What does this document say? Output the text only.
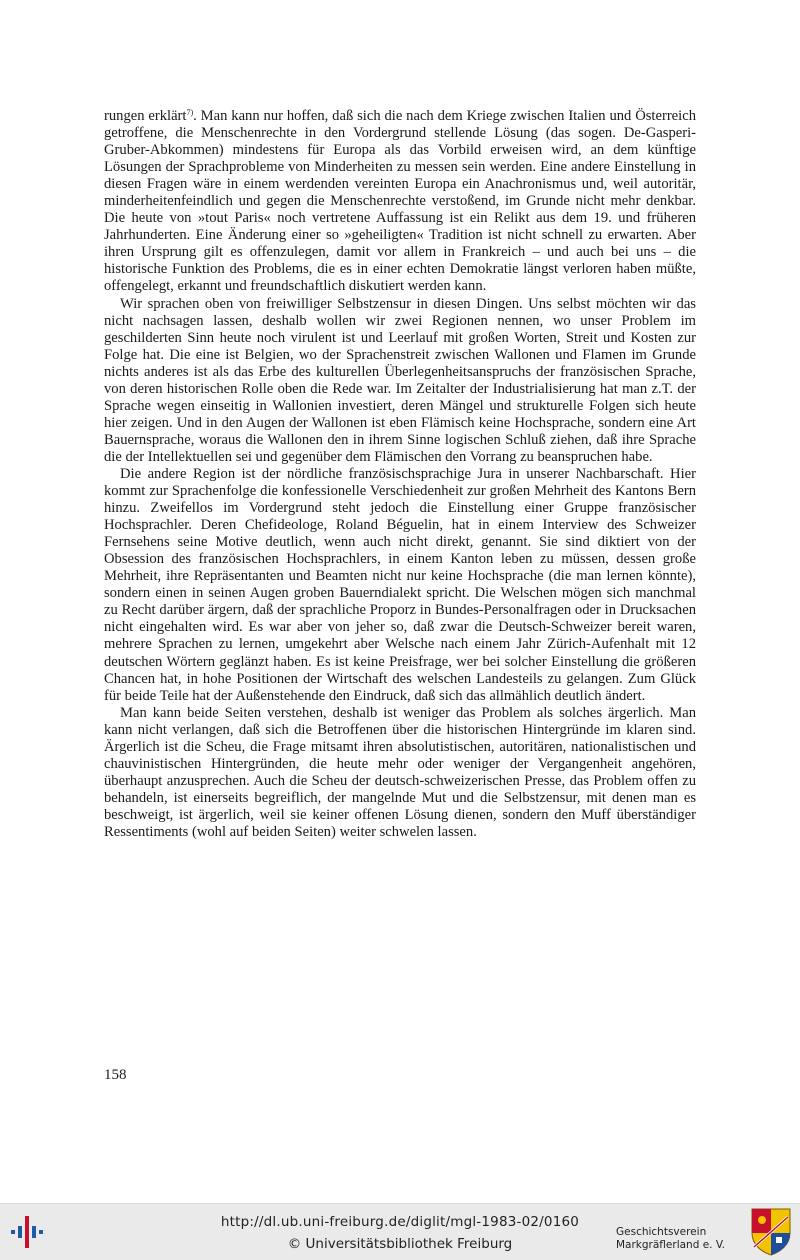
rungen erklärt$^{7)}$. Man kann nur hoffen, daß sich die nach dem Kriege zwischen Italien und Österreich getroffene, die Menschenrechte in den Vordergrund stellende Lösung (das sogen. De-Gasperi-Gruber-Abkommen) mindestens für Europa als das Vorbild erweisen wird, an dem künftige Lösungen der Sprachprobleme von Minderheiten zu messen sein werden. Eine andere Einstellung in diesen Fragen wäre in einem werdenden vereinten Europa ein Anachronismus und, weil autoritär, minderheitenfeindlich und gegen die Menschenrechte verstoßend, im Grunde nicht mehr denkbar. Die heute von »tout Paris« noch vertretene Auffassung ist ein Relikt aus dem 19. und früheren Jahrhunderten. Eine Änderung einer so »geheiligten« Tradition ist nicht schnell zu erwarten. Aber ihren Ursprung gilt es offenzulegen, damit vor allem in Frankreich – und auch bei uns – die historische Funktion des Problems, die es in einer echten Demokratie längst verloren haben müßte, offengelegt, erkannt und freundschaftlich diskutiert werden kann.

Wir sprachen oben von freiwilliger Selbstzensur in diesen Dingen. Uns selbst möchten wir das nicht nachsagen lassen, deshalb wollen wir zwei Regionen nennen, wo unser Problem im geschilderten Sinn heute noch virulent ist und Leerlauf mit großen Worten, Streit und Kosten zur Folge hat. Die eine ist Belgien, wo der Sprachenstreit zwischen Wallonen und Flamen im Grunde nichts anderes ist als das Erbe des kulturellen Überlegenheitsanspruchs der französischen Sprache, von deren historischen Rolle oben die Rede war. Im Zeitalter der Industrialisierung hat man z.T. der Sprache wegen einseitig in Wallonien investiert, deren Mängel und strukturelle Folgen sich heute hier zeigen. Und in den Augen der Wallonen ist eben Flämisch keine Hochsprache, sondern eine Art Bauernsprache, woraus die Wallonen den in ihrem Sinne logischen Schluß ziehen, daß ihre Sprache die der Intellektuellen sei und gegenüber dem Flämischen den Vorrang zu beanspruchen habe.

Die andere Region ist der nördliche französischsprachige Jura in unserer Nachbarschaft. Hier kommt zur Sprachenfolge die konfessionelle Verschiedenheit zur großen Mehrheit des Kantons Bern hinzu. Zweifellos im Vordergrund steht jedoch die Einstellung einer Gruppe französischer Hochsprachler. Deren Chefideologe, Roland Béguelin, hat in einem Interview des Schweizer Fernsehens seine Motive deutlich, wenn auch nicht direkt, genannt. Sie sind diktiert von der Obsession des französischen Hochsprachlers, in einem Kanton leben zu müssen, dessen große Mehrheit, ihre Repräsentanten und Beamten nicht nur keine Hochsprache (die man lernen könnte), sondern einen in seinen Augen groben Bauerndialekt spricht. Die Welschen mögen sich manchmal zu Recht darüber ärgern, daß der sprachliche Proporz in Bundes-Personalfragen oder in Drucksachen nicht eingehalten wird. Es war aber von jeher so, daß zwar die Deutsch-Schweizer bereit waren, mehrere Sprachen zu lernen, umgekehrt aber Welsche nach einem Jahr Zürich-Aufenhalt mit 12 deutschen Wörtern geglänzt haben. Es ist keine Preisfrage, wer bei solcher Einstellung die größeren Chancen hat, in hohe Positionen der Wirtschaft des welschen Landesteils zu gelangen. Zum Glück für beide Teile hat der Außenstehende den Eindruck, daß sich das allmählich deutlich ändert.

Man kann beide Seiten verstehen, deshalb ist weniger das Problem als solches ärgerlich. Man kann nicht verlangen, daß sich die Betroffenen über die historischen Hintergründe im klaren sind. Ärgerlich ist die Scheu, die Frage mitsamt ihren absolutistischen, autoritären, nationalistischen und chauvinistischen Hintergründen, die heute mehr oder weniger der Vergangenheit angehören, überhaupt anzusprechen. Auch die Scheu der deutsch-schweizerischen Presse, das Problem offen zu behandeln, ist einerseits begreiflich, der mangelnde Mut und die Selbstzensur, mit denen man es beschweigt, ist ärgerlich, weil sie keiner offenen Lösung dienen, sondern den Muff überständiger Ressentiments (wohl auf beiden Seiten) weiter schwelen lassen.

158
http://dl.ub.uni-freiburg.de/diglit/mgl-1983-02/0160
© Universitätsbibliothek Freiburg
Geschichtsverein
Markgräflerland e. V.
